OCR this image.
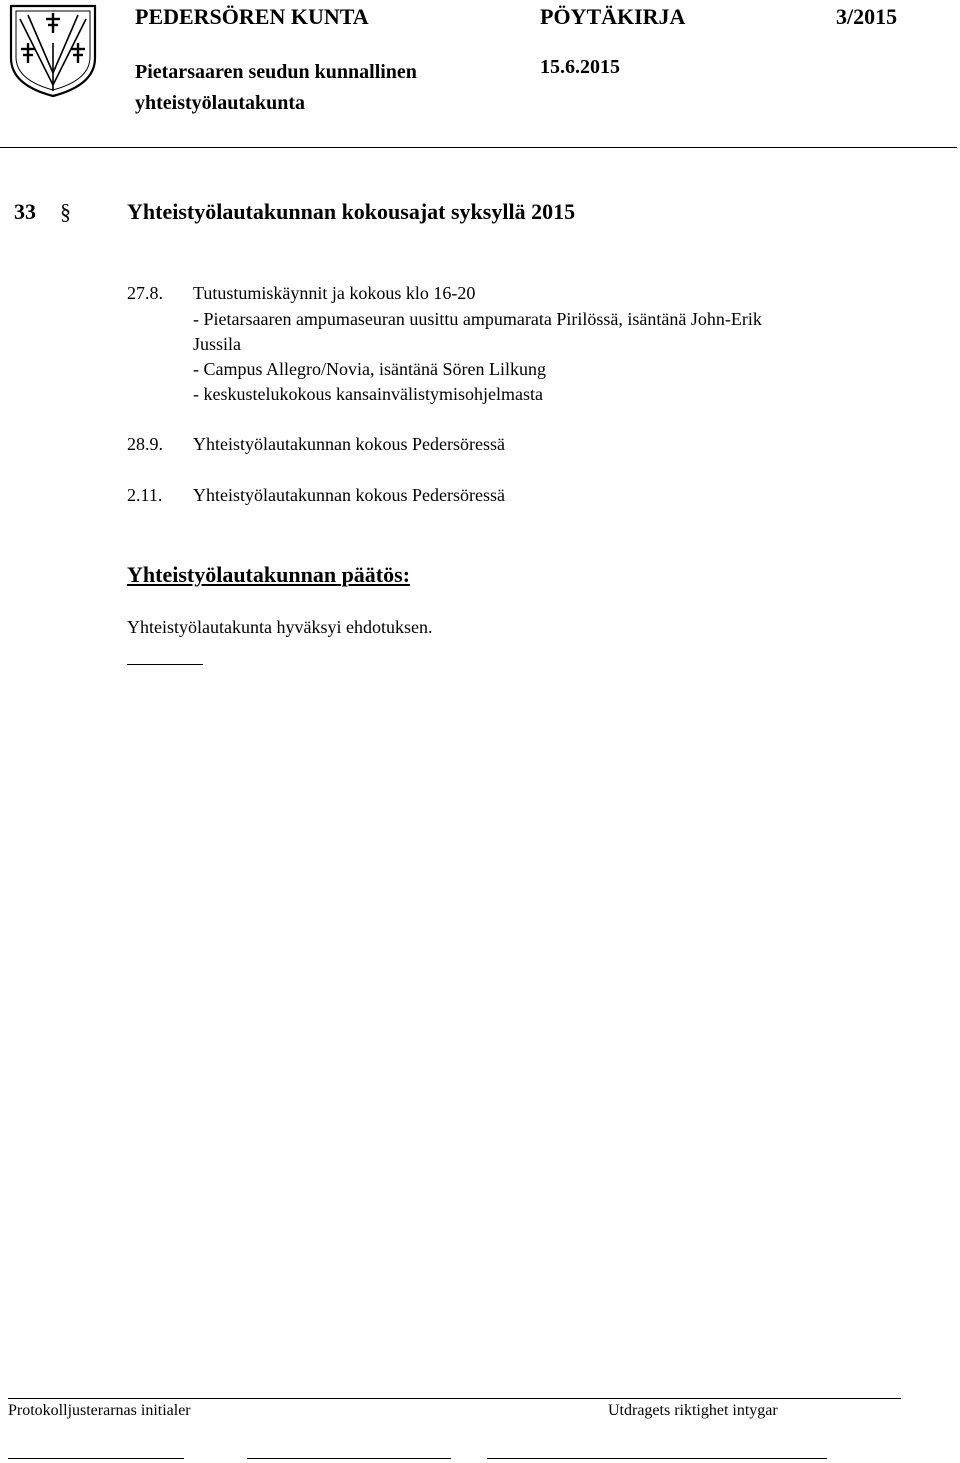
PEDERSÖREN KUNTA	PÖYTÄKIRJA	3/2015
Pietarsaaren seudun kunnallinen	15.6.2015
yhteistyölautakunta
33 §	Yhteistyölautakunnan kokousajat syksyllä 2015
27.8. Tutustumiskäynnit ja kokous klo 16-20
- Pietarsaaren ampumaseuran uusittu ampumarata Pirilössä, isäntänä John-Erik
Jussila
- Campus Allegro/Novia, isäntänä Sören Lilkung
- keskustelukokous kansainvälistymisohjelmasta
28.9. Yhteistyölautakunnan kokous Pedersöressä
2.11. Yhteistyölautakunnan kokous Pedersöressä
Yhteistyölautakunnan päätös:
Yhteistyölautakunta hyväksyi ehdotuksen.
Protokolljusterarnas initialer	Utdragets riktighet intygar
